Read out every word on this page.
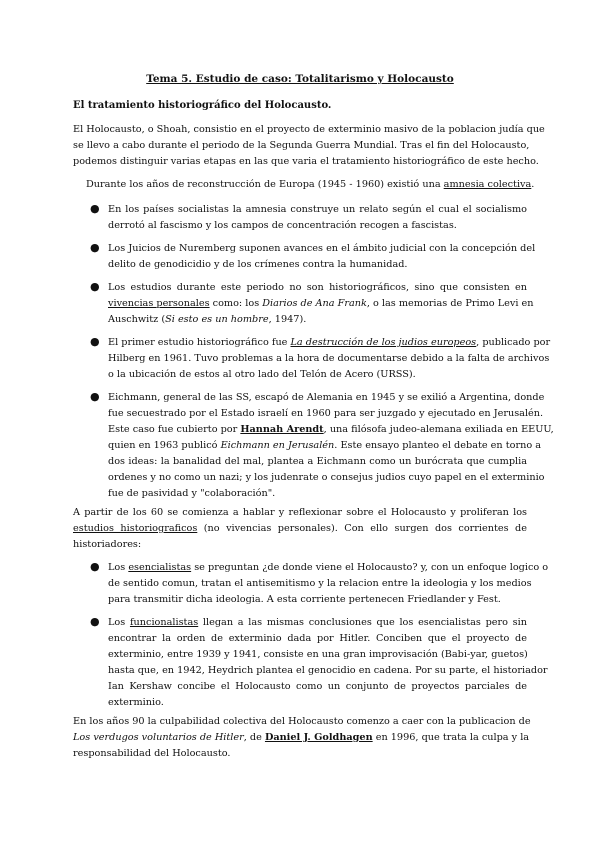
Tema 5. Estudio de caso: Totalitarismo y Holocausto
El tratamiento historiográfico del Holocausto.
El Holocausto, o Shoah, consistio en el proyecto de exterminio masivo de la poblacion judía que
se llevo a cabo durante el periodo de la Segunda Guerra Mundial. Tras el fin del Holocausto,
podemos distinguir varias etapas en las que varia el tratamiento historiográfico de este hecho.
Durante los años de reconstrucción de Europa (1945 - 1960) existió una amnesia colectiva.
● En los países socialistas la amnesia construye un relato según el cual el socialismo
derrotó al fascismo y los campos de concentración recogen a fascistas.
● Los Juicios de Nuremberg suponen avances en el ámbito judicial con la concepción del
delito de genodicidio y de los crímenes contra la humanidad.
● Los estudios durante este periodo no son historiográficos, sino que consisten en
vivencias personales como: los Diarios de Ana Frank, o las memorias de Primo Levi en
Auschwitz (Si esto es un hombre, 1947).
● El primer estudio historiográfico fue La destrucción de los judios europeos, publicado por
Hilberg en 1961. Tuvo problemas a la hora de documentarse debido a la falta de archivos
o la ubicación de estos al otro lado del Telón de Acero (URSS).
● Eichmann, general de las SS, escapó de Alemania en 1945 y se exilió a Argentina, donde
fue secuestrado por el Estado israelí en 1960 para ser juzgado y ejecutado en Jerusalén.
Este caso fue cubierto por Hannah Arendt, una filósofa judeo-alemana exiliada en EEUU,
quien en 1963 publicó Eichmann en Jerusalén. Este ensayo planteo el debate en torno a
dos ideas: la banalidad del mal, plantea a Eichmann como un burócrata que cumplia
ordenes y no como un nazi; y los judenrate o consejus judios cuyo papel en el exterminio
fue de pasividad y "colaboración".
A partir de los 60 se comienza a hablar y reflexionar sobre el Holocausto y proliferan los
estudios historiograficos (no vivencias personales). Con ello surgen dos corrientes de
historiadores:
● Los esencialistas se preguntan ¿de donde viene el Holocausto? y, con un enfoque logico o
de sentido comun, tratan el antisemitismo y la relacion entre la ideologia y los medios
para transmitir dicha ideologia. A esta corriente pertenecen Friedlander y Fest.
● Los funcionalistas llegan a las mismas conclusiones que los esencialistas pero sin
encontrar la orden de exterminio dada por Hitler. Conciben que el proyecto de
exterminio, entre 1939 y 1941, consiste en una gran improvisación (Babi-yar, guetos)
hasta que, en 1942, Heydrich plantea el genocidio en cadena. Por su parte, el historiador
Ian Kershaw concibe el Holocausto como un conjunto de proyectos parciales de
exterminio.
En los años 90 la culpabilidad colectiva del Holocausto comenzo a caer con la publicacion de
Los verdugos voluntarios de Hitler, de Daniel J. Goldhagen en 1996, que trata la culpa y la
responsabilidad del Holocausto.
